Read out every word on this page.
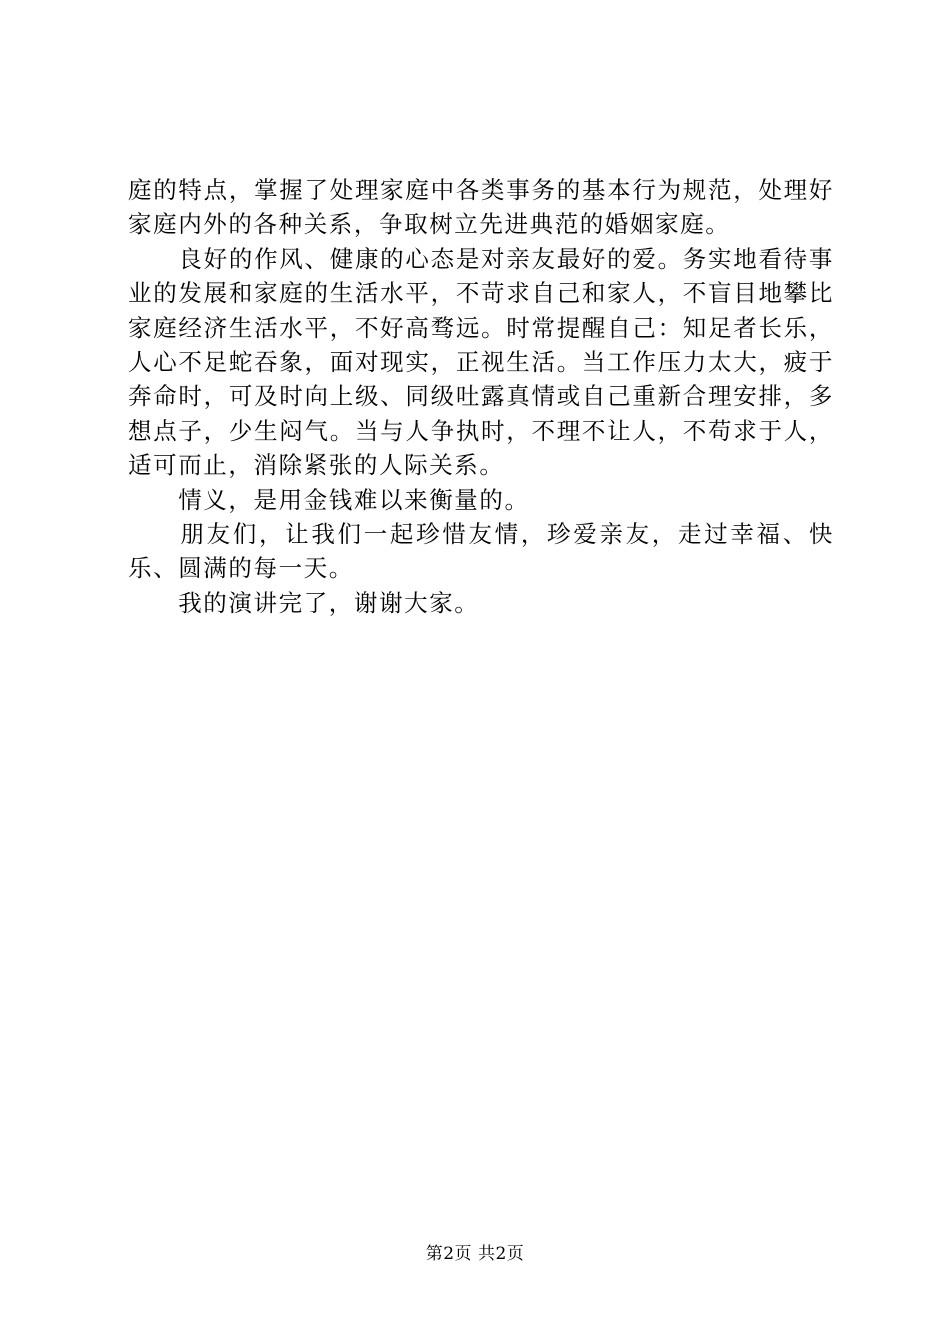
庭的特点，掌握了处理家庭中各类事务的基本行为规范，处理好家庭内外的各种关系，争取树立先进典范的婚姻家庭。

　　良好的作风、健康的心态是对亲友最好的爱。务实地看待事业的发展和家庭的生活水平，不苛求自己和家人，不盲目地攀比家庭经济生活水平，不好高骛远。时常提醒自己：知足者长乐，人心不足蛇吞象，面对现实，正视生活。当工作压力太大，疲于奔命时，可及时向上级、同级吐露真情或自己重新合理安排，多想点子，少生闷气。当与人争执时，不理不让人，不苟求于人，适可而止，消除紧张的人际关系。

　　情义，是用金钱难以来衡量的。

　　朋友们，让我们一起珍惜友情，珍爱亲友，走过幸福、快乐、圆满的每一天。

　　我的演讲完了，谢谢大家。

第2页 共2页
